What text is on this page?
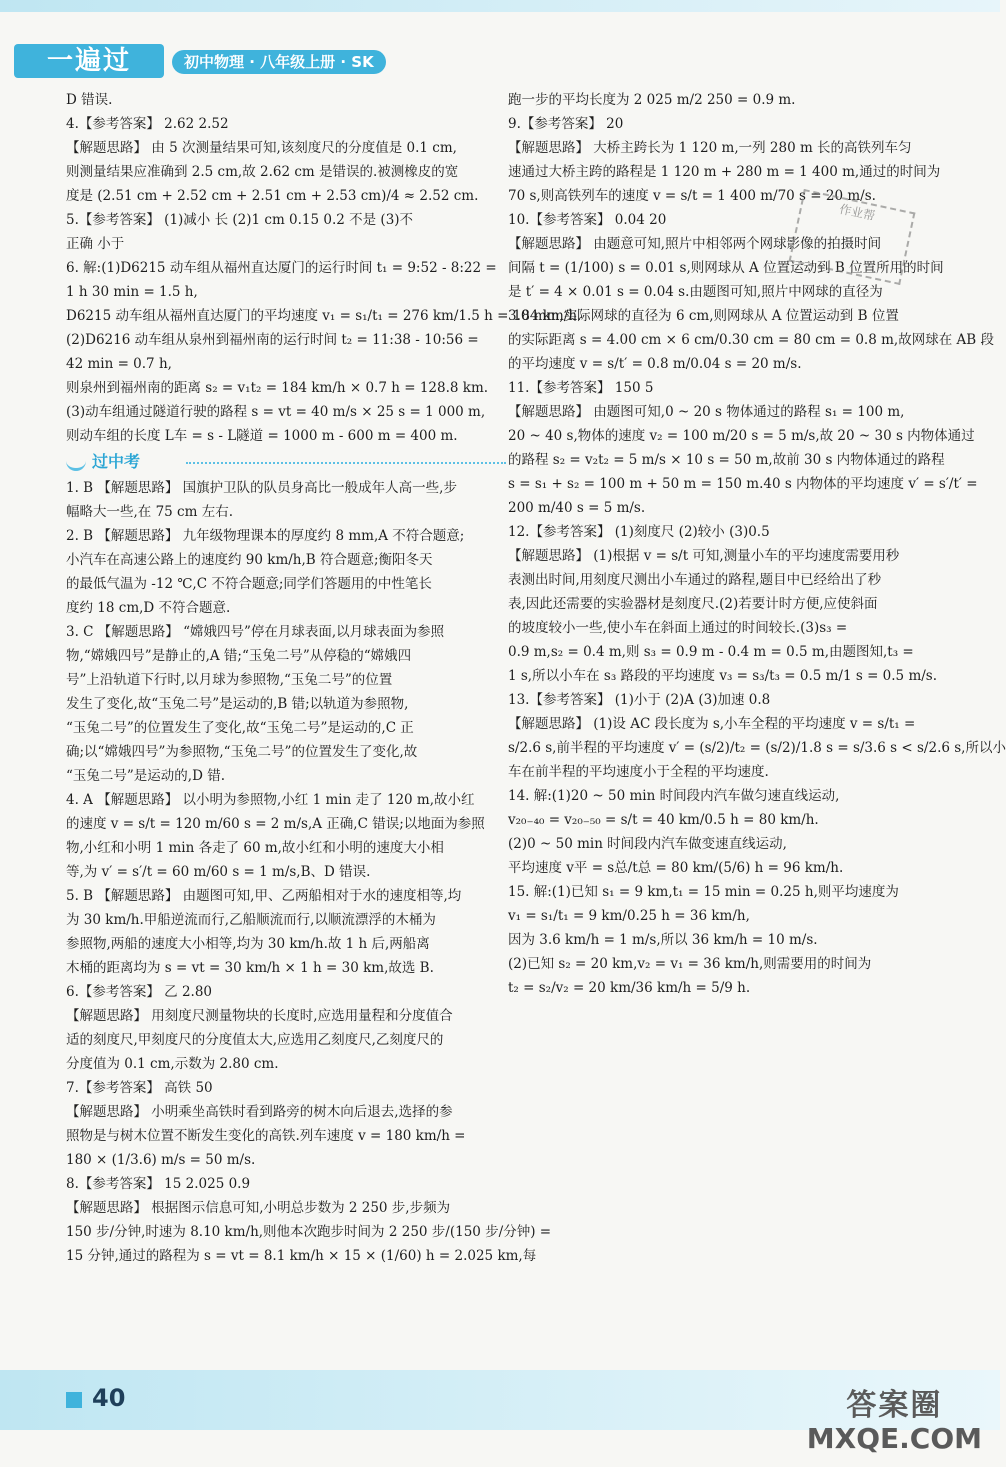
一遍过	初中物理 · 八年级上册 · SK
D 错误.
4.【参考答案】 2.62 2.52
【解题思路】 由 5 次测量结果可知,该刻度尺的分度值是 0.1 cm,
则测量结果应准确到 2.5 cm,故 2.62 cm 是错误的.被测橡皮的宽
度是 (2.51 cm + 2.52 cm + 2.51 cm + 2.53 cm)/4 ≈ 2.52 cm.
5.【参考答案】 (1)减小 长 (2)1 cm 0.15 0.2 不是 (3)不
正确 小于
6. 解:(1)D6215 动车组从福州直达厦门的运行时间 t₁ = 9:52 - 8:22 =
1 h 30 min = 1.5 h,
D6215 动车组从福州直达厦门的平均速度 v₁ = s₁/t₁ = 276 km/1.5 h = 184 km/h.
(2)D6216 动车组从泉州到福州南的运行时间 t₂ = 11:38 - 10:56 =
42 min = 0.7 h,
则泉州到福州南的距离 s₂ = v₁t₂ = 184 km/h × 0.7 h = 128.8 km.
(3)动车组通过隧道行驶的路程 s = vt = 40 m/s × 25 s = 1 000 m,
则动车组的长度 L车 = s - L隧道 = 1000 m - 600 m = 400 m.
过中考
1. B 【解题思路】 国旗护卫队的队员身高比一般成年人高一些,步
幅略大一些,在 75 cm 左右.
2. B 【解题思路】 九年级物理课本的厚度约 8 mm,A 不符合题意;
小汽车在高速公路上的速度约 90 km/h,B 符合题意;衡阳冬天
的最低气温为 -12 ℃,C 不符合题意;同学们答题用的中性笔长
度约 18 cm,D 不符合题意.
3. C 【解题思路】 “嫦娥四号”停在月球表面,以月球表面为参照
物,“嫦娥四号”是静止的,A 错;“玉兔二号”从停稳的“嫦娥四
号”上沿轨道下行时,以月球为参照物,“玉兔二号”的位置
发生了变化,故“玉兔二号”是运动的,B 错;以轨道为参照物,
“玉兔二号”的位置发生了变化,故“玉兔二号”是运动的,C 正
确;以“嫦娥四号”为参照物,“玉兔二号”的位置发生了变化,故
“玉兔二号”是运动的,D 错.
4. A 【解题思路】 以小明为参照物,小红 1 min 走了 120 m,故小红
的速度 v = s/t = 120 m/60 s = 2 m/s,A 正确,C 错误;以地面为参照
物,小红和小明 1 min 各走了 60 m,故小红和小明的速度大小相
等,为 v′ = s′/t = 60 m/60 s = 1 m/s,B、D 错误.
5. B 【解题思路】 由题图可知,甲、乙两船相对于水的速度相等,均
为 30 km/h.甲船逆流而行,乙船顺流而行,以顺流漂浮的木桶为
参照物,两船的速度大小相等,均为 30 km/h.故 1 h 后,两船离
木桶的距离均为 s = vt = 30 km/h × 1 h = 30 km,故选 B.
6.【参考答案】 乙 2.80
【解题思路】 用刻度尺测量物块的长度时,应选用量程和分度值合
适的刻度尺,甲刻度尺的分度值太大,应选用乙刻度尺,乙刻度尺的
分度值为 0.1 cm,示数为 2.80 cm.
7.【参考答案】 高铁 50
【解题思路】 小明乘坐高铁时看到路旁的树木向后退去,选择的参
照物是与树木位置不断发生变化的高铁.列车速度 v = 180 km/h =
180 × (1/3.6) m/s = 50 m/s.
8.【参考答案】 15 2.025 0.9
【解题思路】 根据图示信息可知,小明总步数为 2 250 步,步频为
150 步/分钟,时速为 8.10 km/h,则他本次跑步时间为 2 250 步/(150 步/分钟) =
15 分钟,通过的路程为 s = vt = 8.1 km/h × 15 × (1/60) h = 2.025 km,每
跑一步的平均长度为 2 025 m/2 250 = 0.9 m.
9.【参考答案】 20
【解题思路】 大桥主跨长为 1 120 m,一列 280 m 长的高铁列车匀
速通过大桥主跨的路程是 1 120 m + 280 m = 1 400 m,通过的时间为
70 s,则高铁列车的速度 v = s/t = 1 400 m/70 s = 20 m/s.
10.【参考答案】 0.04 20
【解题思路】 由题意可知,照片中相邻两个网球影像的拍摄时间
间隔 t = (1/100) s = 0.01 s,则网球从 A 位置运动到 B 位置所用的时间
是 t′ = 4 × 0.01 s = 0.04 s.由题图可知,照片中网球的直径为
3.0 mm,实际网球的直径为 6 cm,则网球从 A 位置运动到 B 位置
的实际距离 s = 4.00 cm × 6 cm/0.30 cm = 80 cm = 0.8 m,故网球在 AB 段
的平均速度 v = s/t′ = 0.8 m/0.04 s = 20 m/s.
11.【参考答案】 150 5
【解题思路】 由题图可知,0 ~ 20 s 物体通过的路程 s₁ = 100 m,
20 ~ 40 s,物体的速度 v₂ = 100 m/20 s = 5 m/s,故 20 ~ 30 s 内物体通过
的路程 s₂ = v₂t₂ = 5 m/s × 10 s = 50 m,故前 30 s 内物体通过的路程
s = s₁ + s₂ = 100 m + 50 m = 150 m.40 s 内物体的平均速度 v′ = s′/t′ =
200 m/40 s = 5 m/s.
12.【参考答案】 (1)刻度尺 (2)较小 (3)0.5
【解题思路】 (1)根据 v = s/t 可知,测量小车的平均速度需要用秒
表测出时间,用刻度尺测出小车通过的路程,题目中已经给出了秒
表,因此还需要的实验器材是刻度尺.(2)若要计时方便,应使斜面
的坡度较小一些,使小车在斜面上通过的时间较长.(3)s₃ =
0.9 m,s₂ = 0.4 m,则 s₃ = 0.9 m - 0.4 m = 0.5 m,由题图知,t₃ =
1 s,所以小车在 s₃ 路段的平均速度 v₃ = s₃/t₃ = 0.5 m/1 s = 0.5 m/s.
13.【参考答案】 (1)小于 (2)A (3)加速 0.8
【解题思路】 (1)设 AC 段长度为 s,小车全程的平均速度 v = s/t₁ =
s/2.6 s,前半程的平均速度 v′ = (s/2)/t₂ = (s/2)/1.8 s = s/3.6 s < s/2.6 s,所以小
车在前半程的平均速度小于全程的平均速度.
14. 解:(1)20 ~ 50 min 时间段内汽车做匀速直线运动,
v₂₀₋₄₀ = v₂₀₋₅₀ = s/t = 40 km/0.5 h = 80 km/h.
(2)0 ~ 50 min 时间段内汽车做变速直线运动,
平均速度 v平 = s总/t总 = 80 km/(5/6) h = 96 km/h.
15. 解:(1)已知 s₁ = 9 km,t₁ = 15 min = 0.25 h,则平均速度为
v₁ = s₁/t₁ = 9 km/0.25 h = 36 km/h,
因为 3.6 km/h = 1 m/s,所以 36 km/h = 10 m/s.
(2)已知 s₂ = 20 km,v₂ = v₁ = 36 km/h,则需要用的时间为
t₂ = s₂/v₂ = 20 km/36 km/h = 5/9 h.
作业帮
40	答案圈
MXQE.COM
